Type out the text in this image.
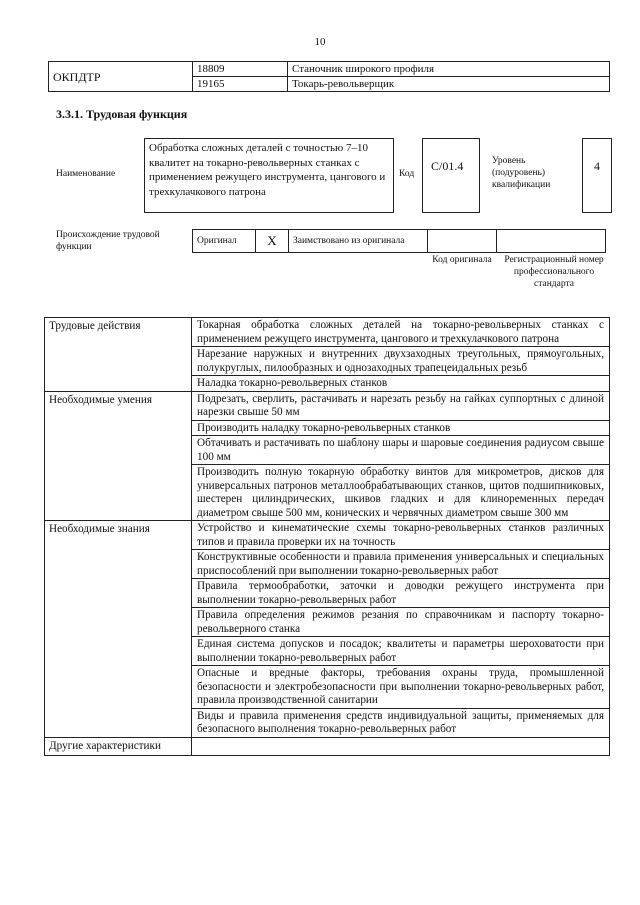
10
ОКПДТР	18809	Станочник широкого профиля
	19165	Токарь-револьверщик
3.3.1. Трудовая функция
Наименование
Обработка сложных деталей с точностью 7–10 квалитет на токарно-револьверных станках с применением режущего инструмента, цангового и трехкулачкового патрона
Код
С/01.4	Уровень (подуровень) квалификации
4
Происхождение трудовой функции
Оригинал	X	Заимствовано из оригинала		
Код оригинала	Регистрационный номер профессионального стандарта
Трудовые действия	Токарная обработка сложных деталей на токарно-револьверных станках с применением режущего инструмента, цангового и трехкулачкового патрона

	Нарезание наружных и внутренних двухзаходных треугольных, прямоугольных, полукруглых, пилообразных и однозаходных трапецеидальных резьб

	Наладка токарно-револьверных станков

Необходимые умения	Подрезать, сверлить, растачивать и нарезать резьбу на гайках суппортных с длиной нарезки свыше 50 мм

	Производить наладку токарно-револьверных станков

	Обтачивать и растачивать по шаблону шары и шаровые соединения радиусом свыше 100 мм

	Производить полную токарную обработку винтов для микрометров, дисков для универсальных патронов металлообрабатывающих станков, щитов подшипниковых, шестерен цилиндрических, шкивов гладких и для клиноременных передач диаметром свыше 500 мм, конических и червячных диаметром свыше 300 мм

Необходимые знания	Устройство и кинематические схемы токарно-револьверных станков различных типов и правила проверки их на точность

	Конструктивные особенности и правила применения универсальных и специальных приспособлений при выполнении токарно-револьверных работ

	Правила термообработки, заточки и доводки режущего инструмента при выполнении токарно-револьверных работ

	Правила определения режимов резания по справочникам и паспорту токарно-револьверного станка

	Единая система допусков и посадок; квалитеты и параметры шероховатости при выполнении токарно-револьверных работ

	Опасные и вредные факторы, требования охраны труда, промышленной безопасности и электробезопасности при выполнении токарно-револьверных работ, правила производственной санитарии

	Виды и правила применения средств индивидуальной защиты, применяемых для безопасного выполнения токарно-револьверных работ

Другие характеристики	
